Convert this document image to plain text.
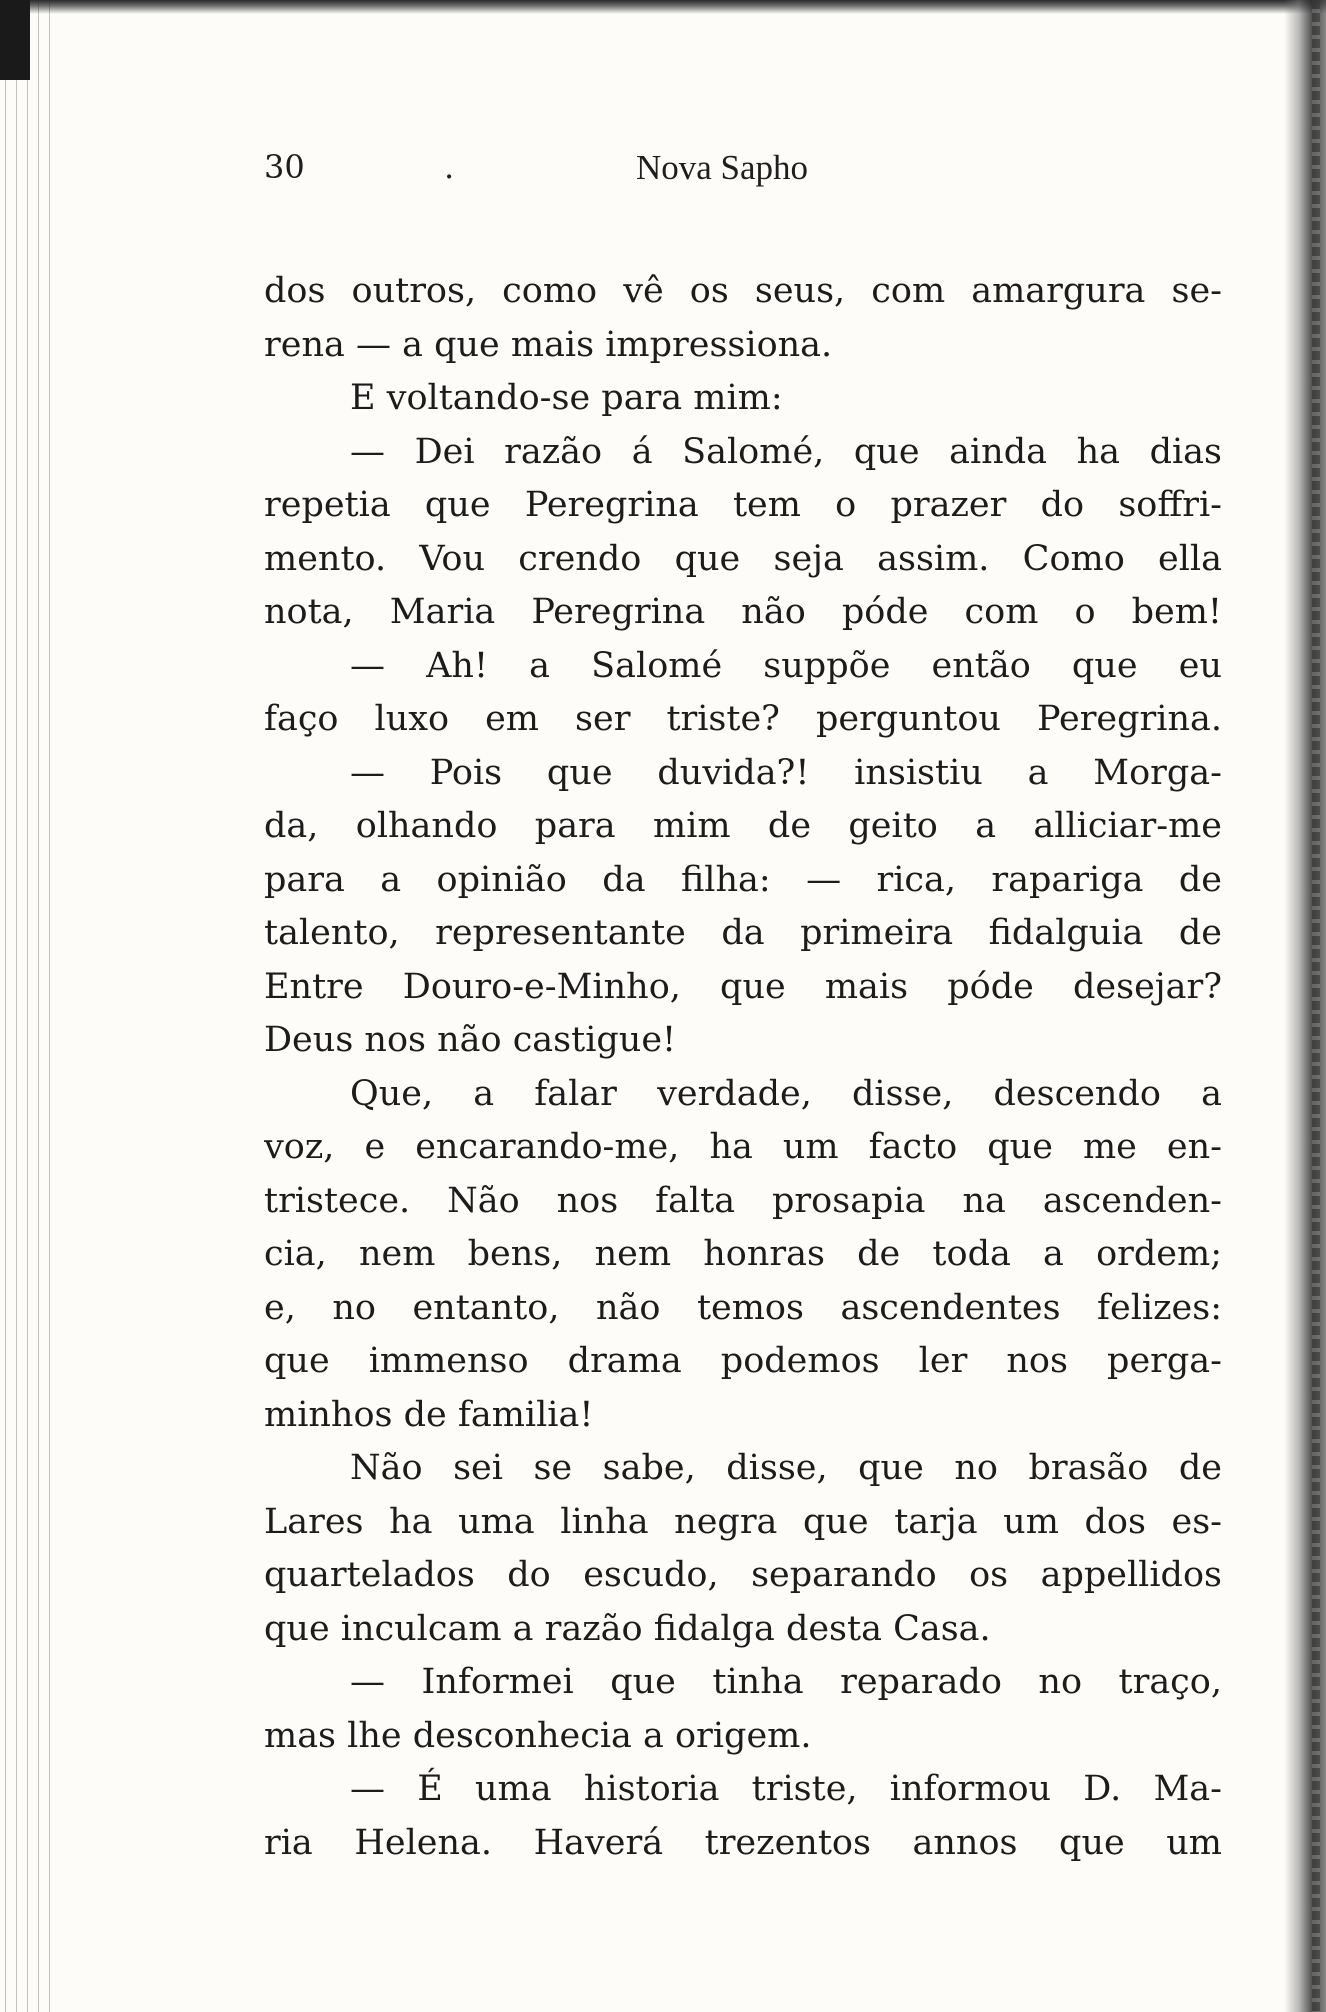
30	.	Nova Sapho
dos outros, como vê os seus, com amargura se-
rena — a que mais impressiona.
E voltando-se para mim:
— Dei razão á Salomé, que ainda ha dias
repetia que Peregrina tem o prazer do soffri-
mento. Vou crendo que seja assim. Como ella
nota, Maria Peregrina não póde com o bem!
— Ah! a Salomé suppõe então que eu
faço luxo em ser triste? perguntou Peregrina.
— Pois que duvida?! insistiu a Morga-
da, olhando para mim de geito a alliciar-me
para a opinião da filha: — rica, rapariga de
talento, representante da primeira fidalguia de
Entre Douro-e-Minho, que mais póde desejar?
Deus nos não castigue!
Que, a falar verdade, disse, descendo a
voz, e encarando-me, ha um facto que me en-
tristece. Não nos falta prosapia na ascenden-
cia, nem bens, nem honras de toda a ordem;
e, no entanto, não temos ascendentes felizes:
que immenso drama podemos ler nos perga-
minhos de familia!
Não sei se sabe, disse, que no brasão de
Lares ha uma linha negra que tarja um dos es-
quartelados do escudo, separando os appellidos
que inculcam a razão fidalga desta Casa.
— Informei que tinha reparado no traço,
mas lhe desconhecia a origem.
— É uma historia triste, informou D. Ma-
ria Helena. Haverá trezentos annos que um
